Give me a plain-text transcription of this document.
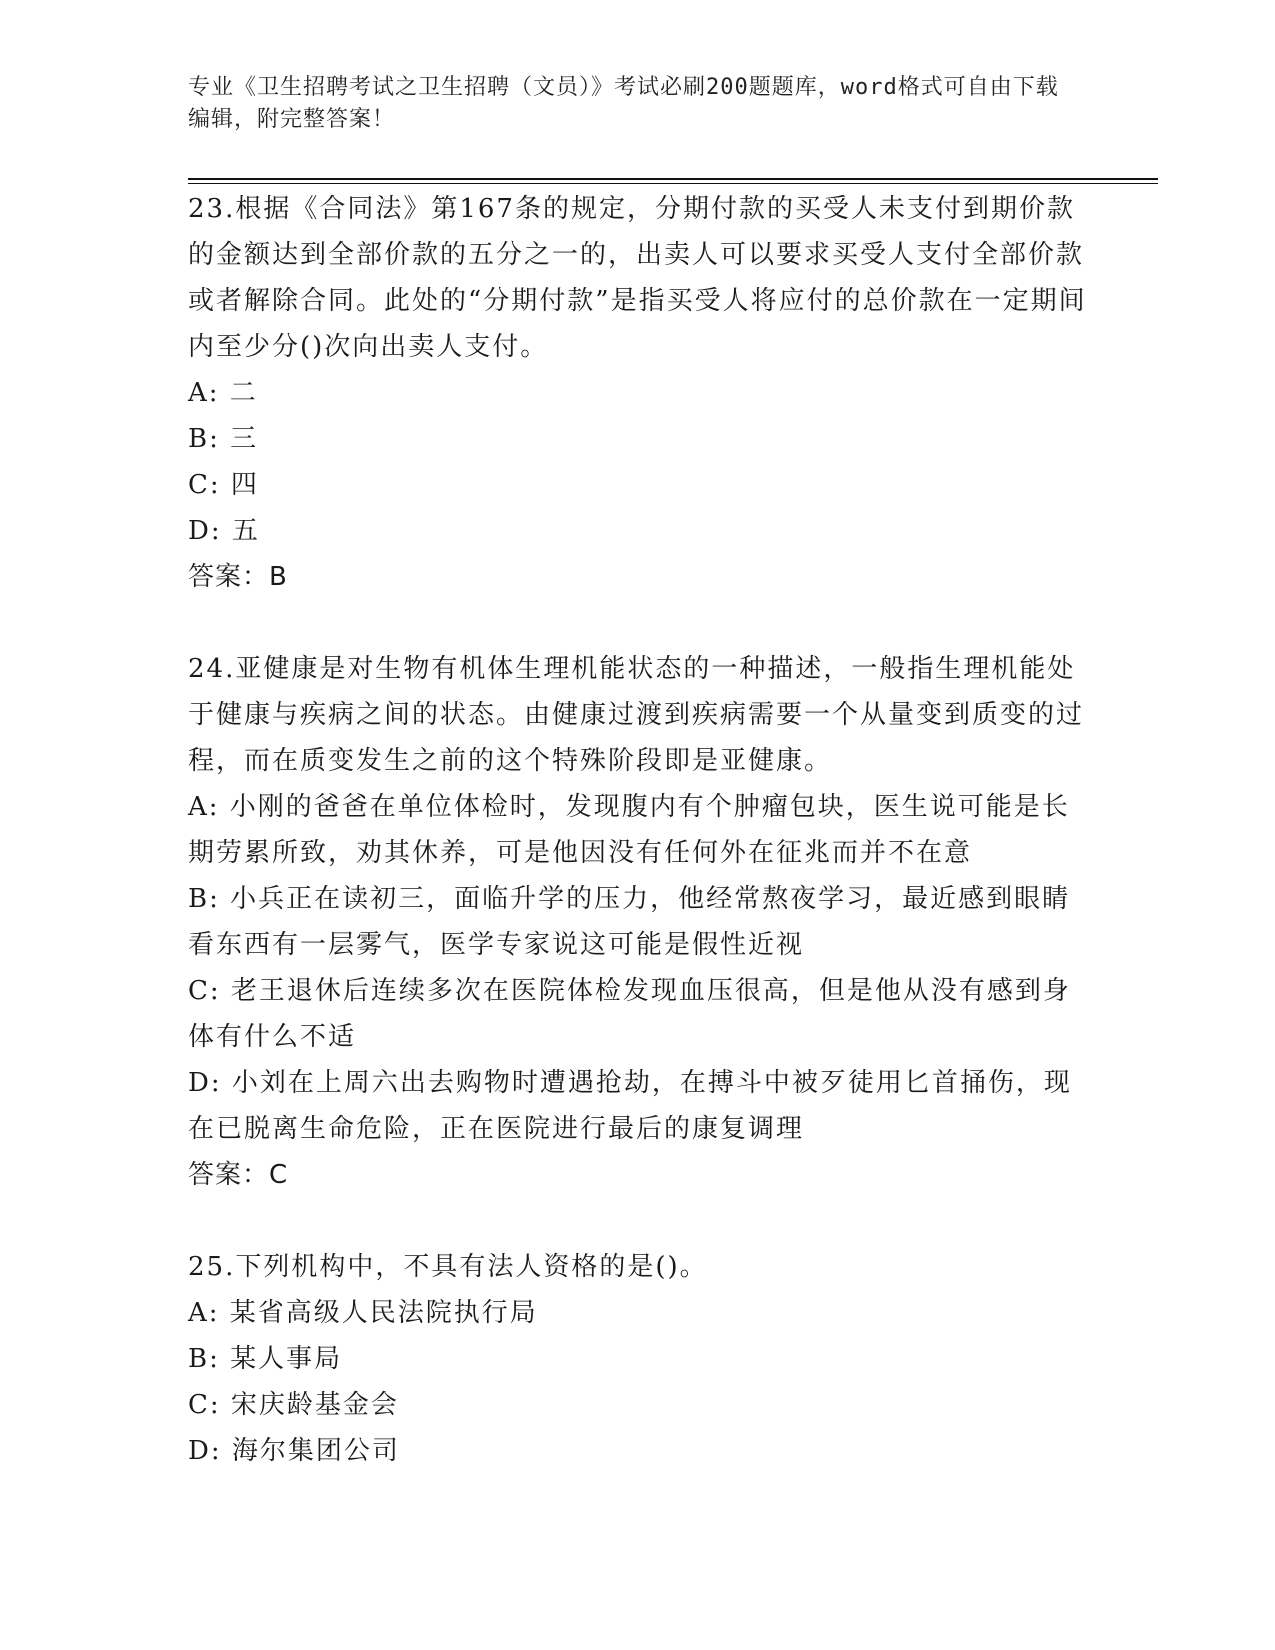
专业《卫生招聘考试之卫生招聘（文员）》考试必刷200题题库，word格式可自由下载编辑，附完整答案！

23.根据《合同法》第167条的规定，分期付款的买受人未支付到期价款的金额达到全部价款的五分之一的，出卖人可以要求买受人支付全部价款或者解除合同。此处的“分期付款”是指买受人将应付的总价款在一定期间内至少分()次向出卖人支付。

A: 二

B: 三

C: 四

D: 五

答案：B

24.亚健康是对生物有机体生理机能状态的一种描述，一般指生理机能处于健康与疾病之间的状态。由健康过渡到疾病需要一个从量变到质变的过程，而在质变发生之前的这个特殊阶段即是亚健康。

A: 小刚的爸爸在单位体检时，发现腹内有个肿瘤包块，医生说可能是长期劳累所致，劝其休养，可是他因没有任何外在征兆而并不在意

B: 小兵正在读初三，面临升学的压力，他经常熬夜学习，最近感到眼睛看东西有一层雾气，医学专家说这可能是假性近视

C: 老王退休后连续多次在医院体检发现血压很高，但是他从没有感到身体有什么不适

D: 小刘在上周六出去购物时遭遇抢劫，在搏斗中被歹徒用匕首捅伤，现在已脱离生命危险，正在医院进行最后的康复调理

答案：C

25.下列机构中，不具有法人资格的是()。

A: 某省高级人民法院执行局

B: 某人事局

C: 宋庆龄基金会

D: 海尔集团公司
